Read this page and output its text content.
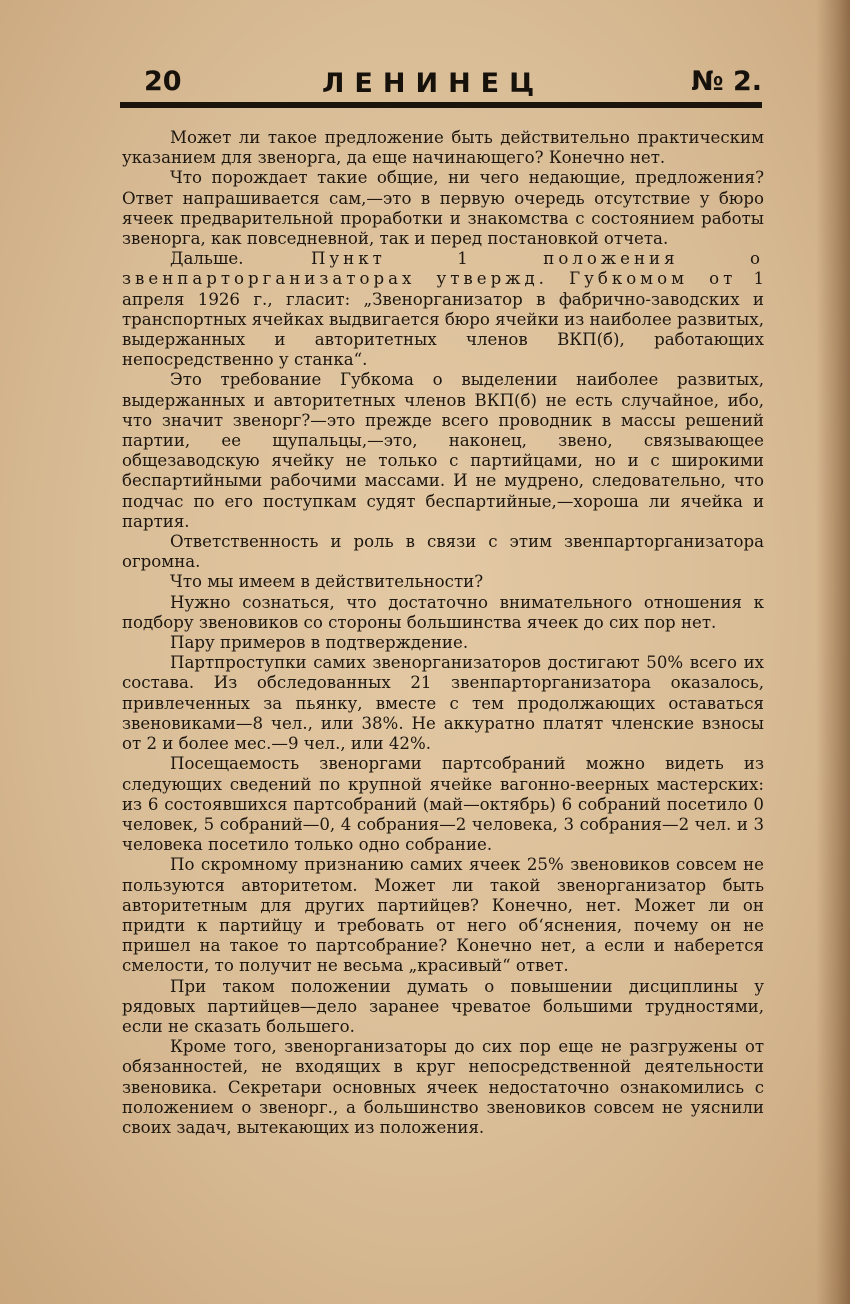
20	ЛЕНИНЕЦ	№ 2.

Может ли такое предложение быть действительно практическим указанием для звенорга, да еще начинающего? Конечно нет.

Что порождает такие общие, ни чего недающие, предложения? Ответ напрашивается сам,—это в первую очередь отсутствие у бюро ячеек предварительной проработки и знакомства с состоянием работы звенорга, как повседневной, так и перед постановкой отчета.

Дальше.	Пункт 1 положения о звенпарторганизаторах утвержд. Губкомом от 1 апреля 1926 г., гласит: „Звенорганизатор в фабрично-заводских и транспортных ячейках выдвигается бюро ячейки из наиболее развитых, выдержанных и авторитетных членов ВКП(б), работающих непосредственно у станка“.

Это требование Губкома о выделении наиболее развитых, выдержанных и авторитетных членов ВКП(б) не есть случайное, ибо, что значит звенорг?—это прежде всего проводник в массы решений партии, ее щупальцы,—это, наконец, звено, связывающее общезаводскую ячейку не только с партийцами, но и с широкими беспартийными рабочими массами. И не мудрено, следовательно, что подчас по его поступкам судят беспартийные,—хороша ли ячейка и партия.

Ответственность и роль в связи с этим звенпарторганизатора огромна.

Что мы имеем в действительности?

Нужно сознаться, что достаточно внимательного отношения к подбору звеновиков со стороны большинства ячеек до сих пор нет.

Пару примеров в подтверждение.

Партпроступки самих звенорганизаторов достигают 50% всего их состава. Из обследованных 21 звенпарторганизатора оказалось, привлеченных за пьянку, вместе с тем продолжающих оставаться звеновиками—8 чел., или 38%. Не аккуратно платят членские взносы от 2 и более мес.—9 чел., или 42%.

Посещаемость звеноргами партсобраний можно видеть из следующих сведений по крупной ячейке вагонно-веерных мастерских: из 6 состоявшихся партсобраний (май—октябрь) 6 собраний посетило 0 человек, 5 собраний—0, 4 собрания—2 человека, 3 собрания—2 чел. и 3 человека посетило только одно собрание.

По скромному признанию самих ячеек 25% звеновиков совсем не пользуются авторитетом. Может ли такой звенорганизатор быть авторитетным для других партийцев? Конечно, нет. Может ли он придти к партийцу и требовать от него об‘яснения, почему он не пришел на такое то партсобрание? Конечно нет, а если и наберется смелости, то получит не весьма „красивый“ ответ.

При таком положении думать о повышении дисциплины у рядовых партийцев—дело заранее чреватое большими трудностями, если не сказать большего.

Кроме того, звенорганизаторы до сих пор еще не разгружены от обязанностей, не входящих в круг непосредственной деятельности звеновика. Секретари основных ячеек недостаточно ознакомились с положением о звенорг., а большинство звеновиков совсем не уяснили своих задач, вытекающих из положения.
